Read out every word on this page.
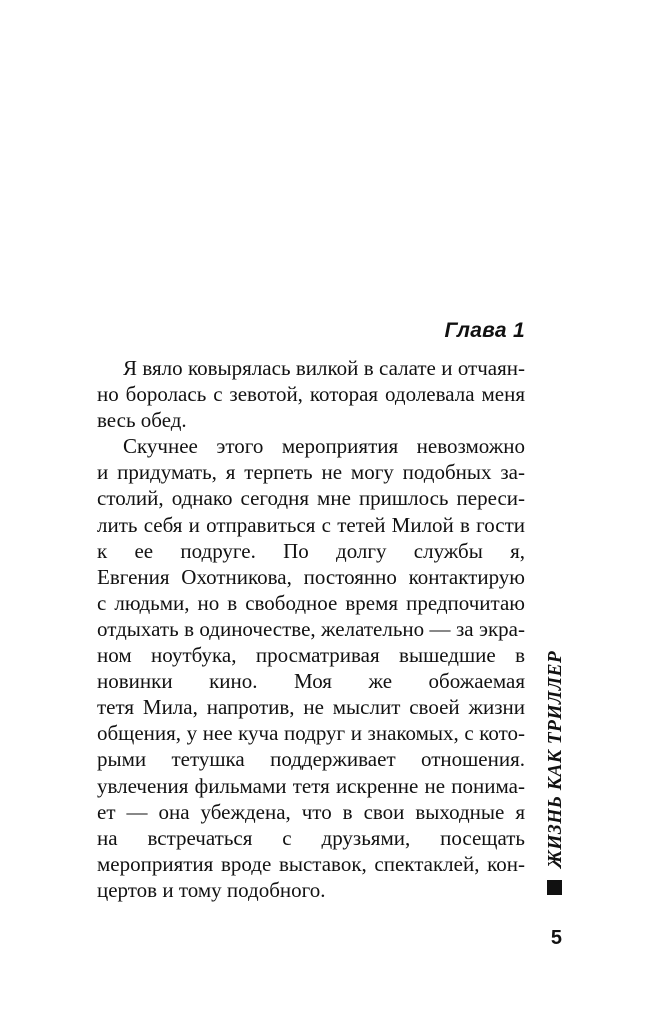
Глава 1
Я вяло ковырялась вилкой в салате и отчаян-
но боролась с зевотой, которая одолевала меня
весь обед.
Скучнее этого мероприятия невозможно
и придумать, я терпеть не могу подобных за-
столий, однако сегодня мне пришлось переси-
лить себя и отправиться с тетей Милой в гости
к ее подруге. По долгу службы я,
Евгения Охотникова, постоянно контактирую
с людьми, но в свободное время предпочитаю
отдыхать в одиночестве, желательно — за экра-
ном ноутбука, просматривая вышедшие в
новинки кино. Моя же обожаемая
тетя Мила, напротив, не мыслит своей жизни
общения, у нее куча подруг и знакомых, с кото-
рыми тетушка поддерживает отношения.
увлечения фильмами тетя искренне не понима-
ет — она убеждена, что в свои выходные я
на встречаться с друзьями, посещать
мероприятия вроде выставок, спектаклей, кон-
цертов и тому подобного.
ЖИЗНЬ КАК ТРИЛЛЕР
5
